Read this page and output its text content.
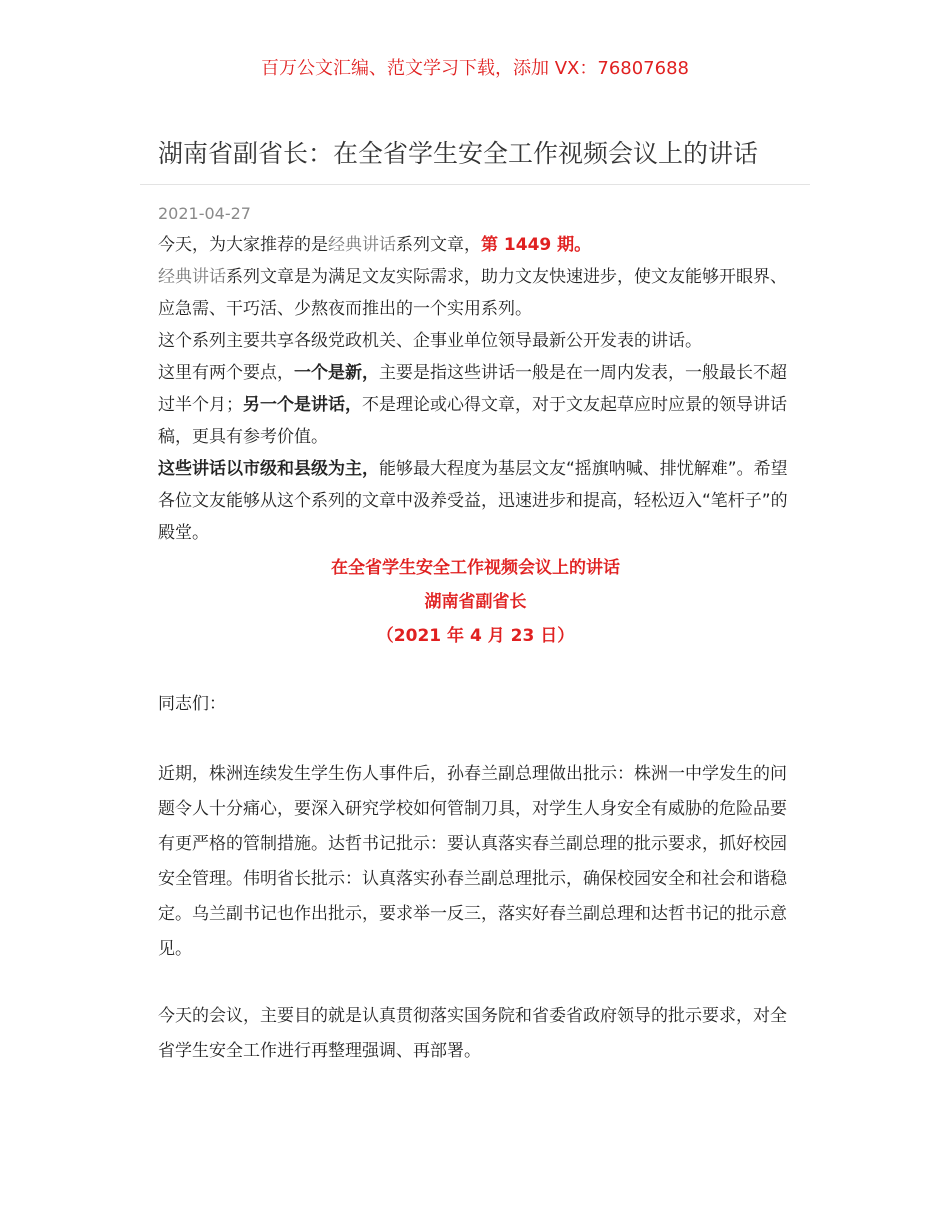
百万公文汇编、范文学习下载，添加 VX：76807688
湖南省副省长：在全省学生安全工作视频会议上的讲话
2021-04-27

今天，为大家推荐的是经典讲话系列文章，第 1449 期。

经典讲话系列文章是为满足文友实际需求，助力文友快速进步，使文友能够开眼界、应急需、干巧活、少熬夜而推出的一个实用系列。

这个系列主要共享各级党政机关、企事业单位领导最新公开发表的讲话。

这里有两个要点，一个是新，主要是指这些讲话一般是在一周内发表，一般最长不超过半个月；另一个是讲话，不是理论或心得文章，对于文友起草应时应景的领导讲话稿，更具有参考价值。

这些讲话以市级和县级为主，能够最大程度为基层文友“摇旗呐喊、排忧解难”。希望各位文友能够从这个系列的文章中汲养受益，迅速进步和提高，轻松迈入“笔杆子”的殿堂。

在全省学生安全工作视频会议上的讲话
湖南省副省长
（2021 年 4 月 23 日）

同志们：

近期，株洲连续发生学生伤人事件后，孙春兰副总理做出批示：株洲一中学发生的问题令人十分痛心，要深入研究学校如何管制刀具，对学生人身安全有威胁的危险品要有更严格的管制措施。达哲书记批示：要认真落实春兰副总理的批示要求，抓好校园安全管理。伟明省长批示：认真落实孙春兰副总理批示，确保校园安全和社会和谐稳定。乌兰副书记也作出批示，要求举一反三，落实好春兰副总理和达哲书记的批示意见。

今天的会议，主要目的就是认真贯彻落实国务院和省委省政府领导的批示要求，对全省学生安全工作进行再整理强调、再部署。
